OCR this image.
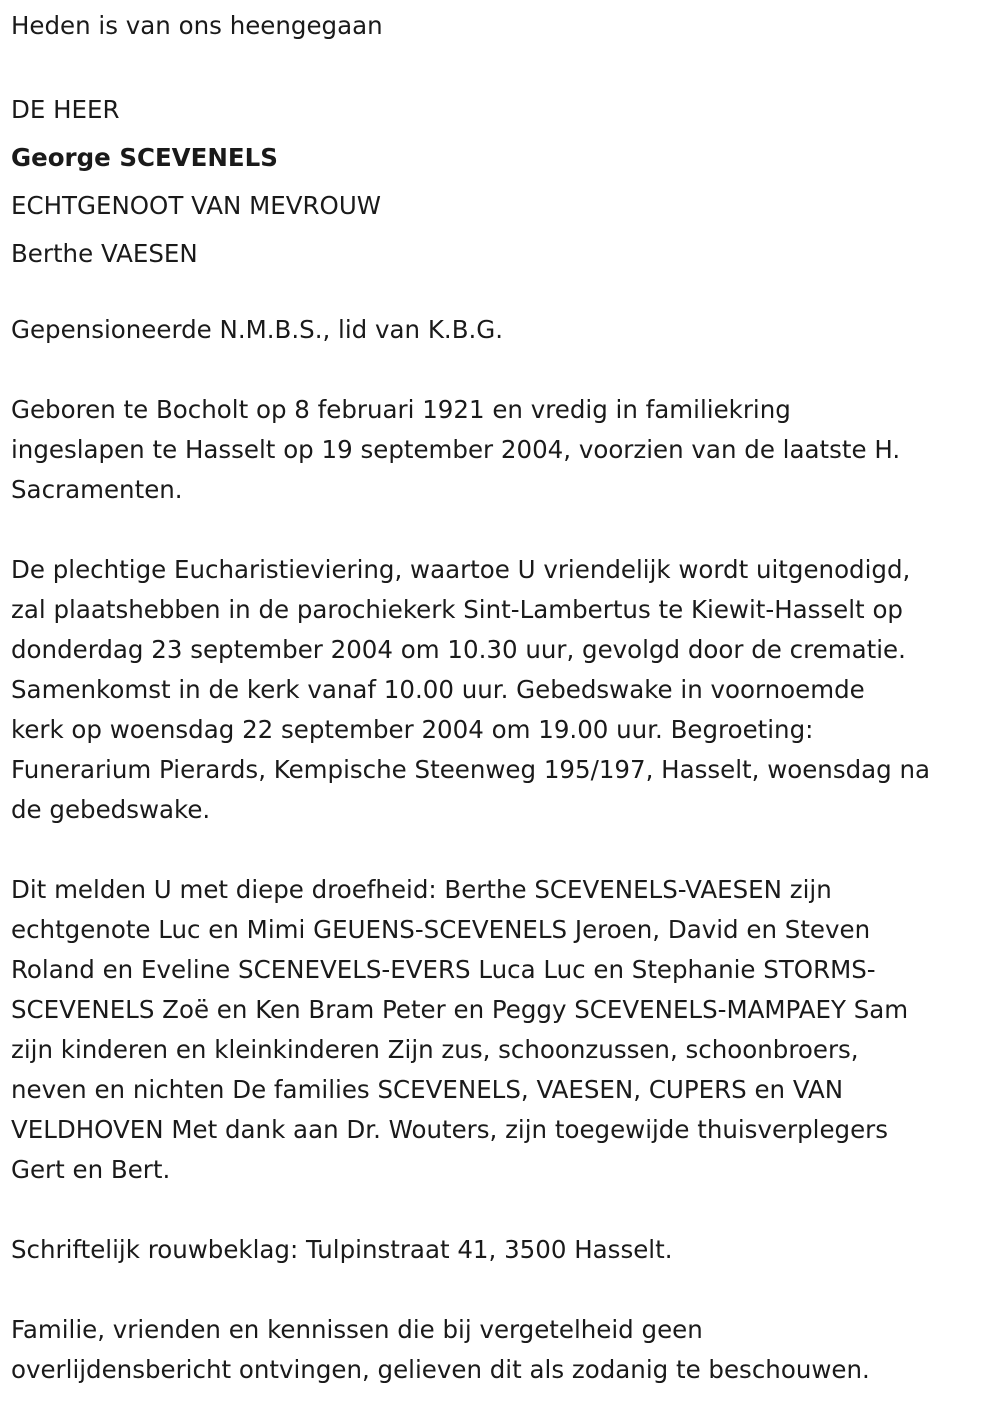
Heden is van ons heengegaan
DE HEER
George SCEVENELS
ECHTGENOOT VAN MEVROUW
Berthe VAESEN
Gepensioneerde N.M.B.S., lid van K.B.G.
Geboren te Bocholt op 8 februari 1921 en vredig in familiekring
ingeslapen te Hasselt op 19 september 2004, voorzien van de laatste H.
Sacramenten.
De plechtige Eucharistieviering, waartoe U vriendelijk wordt uitgenodigd,
zal plaatshebben in de parochiekerk Sint-Lambertus te Kiewit-Hasselt op
donderdag 23 september 2004 om 10.30 uur, gevolgd door de crematie.
Samenkomst in de kerk vanaf 10.00 uur. Gebedswake in voornoemde
kerk op woensdag 22 september 2004 om 19.00 uur. Begroeting:
Funerarium Pierards, Kempische Steenweg 195/197, Hasselt, woensdag na
de gebedswake.
Dit melden U met diepe droefheid: Berthe SCEVENELS-VAESEN zijn
echtgenote Luc en Mimi GEUENS-SCEVENELS Jeroen, David en Steven
Roland en Eveline SCENEVELS-EVERS Luca Luc en Stephanie STORMS-
SCEVENELS Zoë en Ken Bram Peter en Peggy SCEVENELS-MAMPAEY Sam
zijn kinderen en kleinkinderen Zijn zus, schoonzussen, schoonbroers,
neven en nichten De families SCEVENELS, VAESEN, CUPERS en VAN
VELDHOVEN Met dank aan Dr. Wouters, zijn toegewijde thuisverplegers
Gert en Bert.
Schriftelijk rouwbeklag: Tulpinstraat 41, 3500 Hasselt.
Familie, vrienden en kennissen die bij vergetelheid geen
overlijdensbericht ontvingen, gelieven dit als zodanig te beschouwen.
